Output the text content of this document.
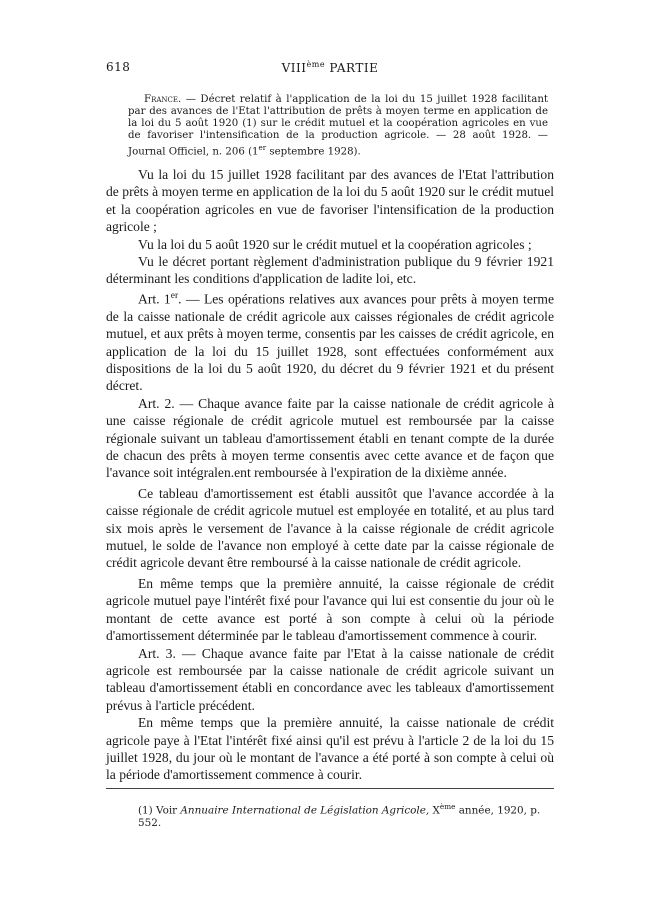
618	VIIIème PARTIE
France. — Décret relatif à l'application de la loi du 15 juillet 1928 facilitant par des avances de l'Etat l'attribution de prêts à moyen terme en application de la loi du 5 août 1920 (1) sur le crédit mutuel et la coopération agricoles en vue de favoriser l'intensification de la production agricole. — 28 août 1928. — Journal Officiel, n. 206 (1er septembre 1928).

Vu la loi du 15 juillet 1928 facilitant par des avances de l'Etat l'attribution de prêts à moyen terme en application de la loi du 5 août 1920 sur le crédit mutuel et la coopération agricoles en vue de favoriser l'intensification de la production agricole ;

Vu la loi du 5 août 1920 sur le crédit mutuel et la coopération agricoles ;

Vu le décret portant règlement d'administration publique du 9 février 1921 déterminant les conditions d'application de ladite loi, etc.

Art. 1er. — Les opérations relatives aux avances pour prêts à moyen terme de la caisse nationale de crédit agricole aux caisses régionales de crédit agricole mutuel, et aux prêts à moyen terme, consentis par les caisses de crédit agricole, en application de la loi du 15 juillet 1928, sont effectuées conformément aux dispositions de la loi du 5 août 1920, du décret du 9 février 1921 et du présent décret.

Art. 2. — Chaque avance faite par la caisse nationale de crédit agricole à une caisse régionale de crédit agricole mutuel est remboursée par la caisse régionale suivant un tableau d'amortissement établi en tenant compte de la durée de chacun des prêts à moyen terme consentis avec cette avance et de façon que l'avance soit intégralen.ent remboursée à l'expiration de la dixième année.

Ce tableau d'amortissement est établi aussitôt que l'avance accordée à la caisse régionale de crédit agricole mutuel est employée en totalité, et au plus tard six mois après le versement de l'avance à la caisse régionale de crédit agricole mutuel, le solde de l'avance non employé à cette date par la caisse régionale de crédit agricole devant être remboursé à la caisse nationale de crédit agricole.

En même temps que la première annuité, la caisse régionale de crédit agricole mutuel paye l'intérêt fixé pour l'avance qui lui est consentie du jour où le montant de cette avance est porté à son compte à celui où la période d'amortissement déterminée par le tableau d'amortissement commence à courir.

Art. 3. — Chaque avance faite par l'Etat à la caisse nationale de crédit agricole est remboursée par la caisse nationale de crédit agricole suivant un tableau d'amortissement établi en concordance avec les tableaux d'amortissement prévus à l'article précédent.

En même temps que la première annuité, la caisse nationale de crédit agricole paye à l'Etat l'intérêt fixé ainsi qu'il est prévu à l'article 2 de la loi du 15 juillet 1928, du jour où le montant de l'avance a été porté à son compte à celui où la période d'amortissement commence à courir.

(1) Voir Annuaire International de Législation Agricole, Xème année, 1920, p. 552.
